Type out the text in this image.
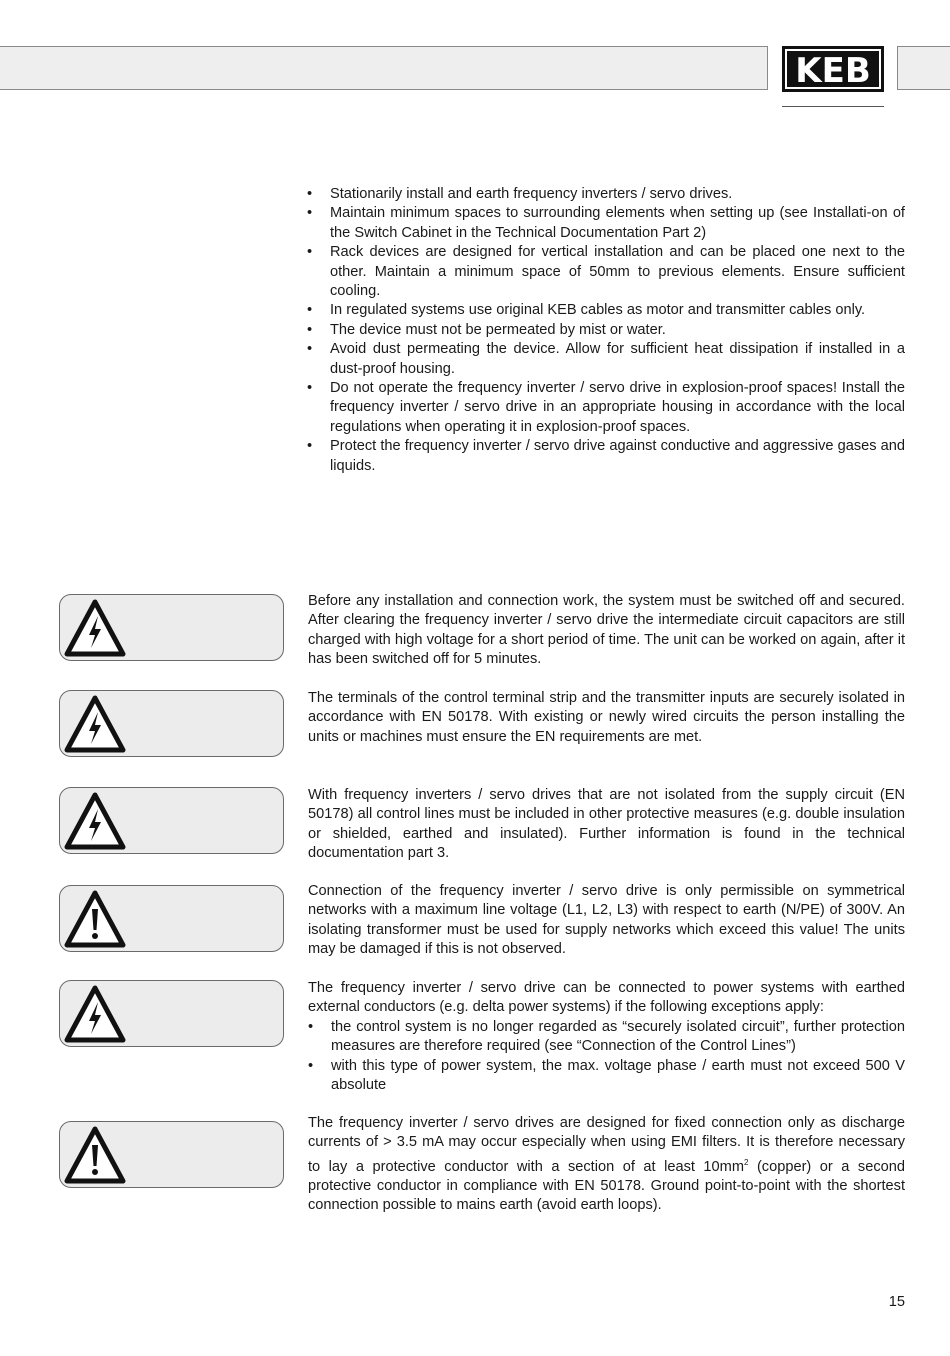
KEB
• Stationarily install and earth frequency inverters / servo drives.
• Maintain minimum spaces to surrounding elements when setting up (see Installati-on of the Switch Cabinet in the Technical Documentation Part 2)
• Rack devices are designed for vertical installation and can be placed one next to the other. Maintain a minimum space of 50mm to previous elements. Ensure sufficient cooling.
• In regulated systems use original KEB cables as motor and transmitter cables only.
• The device must not be permeated by mist or water.
• Avoid dust permeating the device. Allow for sufficient heat dissipation if installed in a dust-proof housing.
• Do not operate the frequency inverter / servo drive in explosion-proof spaces! Install the frequency inverter / servo drive in an appropriate housing in accordance with the local regulations when operating it in explosion-proof spaces.
• Protect the frequency inverter / servo drive against conductive and aggressive gases and liquids.

Before any installation and connection work, the system must be switched off and secured. After clearing the frequency inverter / servo drive the intermediate circuit capacitors are still charged with high voltage for a short period of time. The unit can be worked on again, after it has been switched off for 5 minutes.

The terminals of the control terminal strip and the transmitter inputs are securely isolated in accordance with EN 50178. With existing or newly wired circuits the person installing the units or machines must ensure the EN requirements are met.

With frequency inverters / servo drives that are not isolated from the supply circuit (EN 50178) all control lines must be included in other protective measures (e.g. double insulation or shielded, earthed and insulated). Further information is found in the technical documentation part 3.

Connection of the frequency inverter / servo drive is only permissible on symmetrical networks with a maximum line voltage (L1, L2, L3) with respect to earth (N/PE) of 300V. An isolating transformer must be used for supply networks which exceed this value! The units may be damaged if this is not observed.

The frequency inverter / servo drive can be connected to power systems with earthed external conductors (e.g. delta power systems) if the following exceptions apply:
• the control system is no longer regarded as “securely isolated circuit”, further protection measures are therefore required (see “Connection of the Control Lines”)
• with this type of power system, the max. voltage phase / earth must not exceed 500 V absolute

The frequency inverter / servo drives are designed for fixed connection only as discharge currents of > 3.5 mA may occur especially when using EMI filters. It is therefore necessary to lay a protective conductor with a section of at least $10mm^2$ (copper) or a second protective conductor in compliance with EN 50178. Ground point-to-point with the shortest connection possible to mains earth (avoid earth loops).

15
